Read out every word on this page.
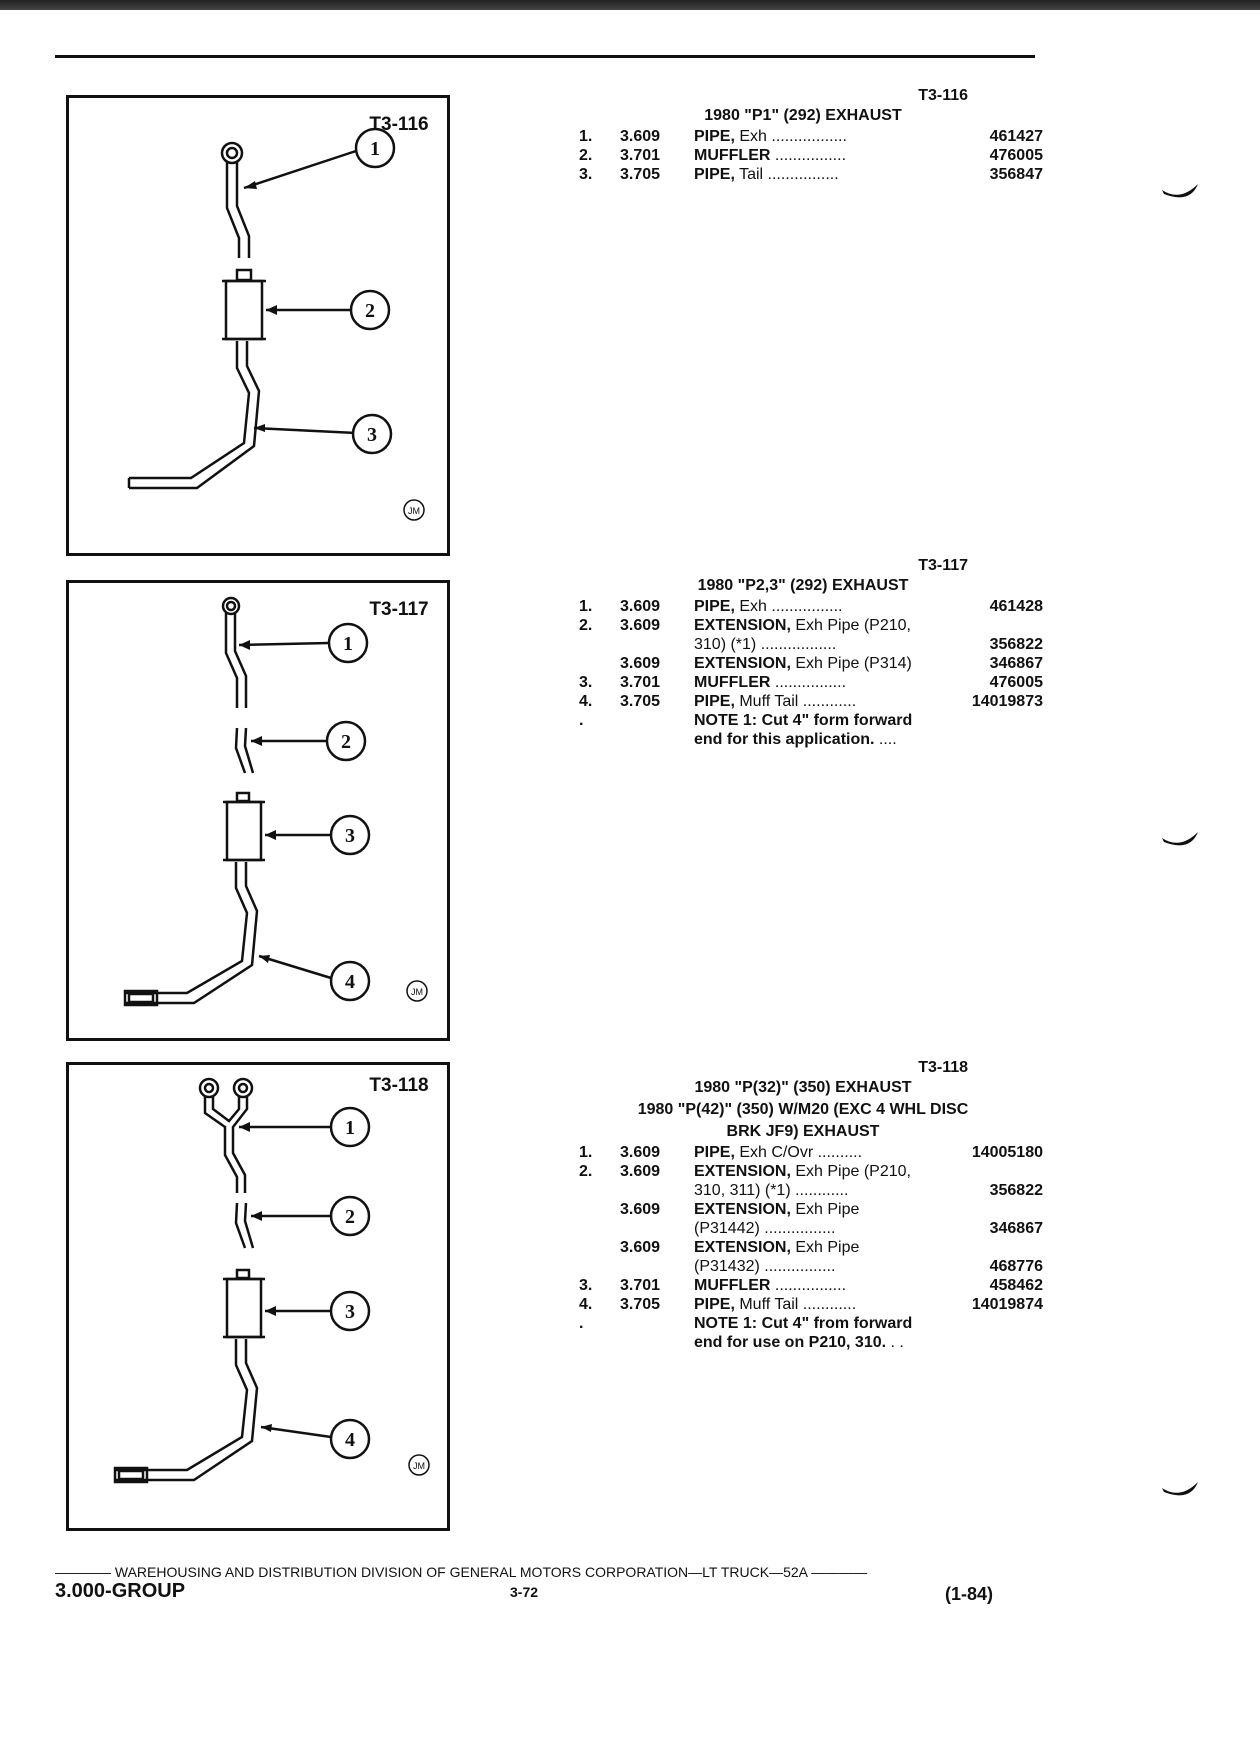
1
2
3
JM
T3-116
1
2
3
4	JM
T3-117
1
2
3
4
JM
T3-118
T3-116
1980 "P1" (292) EXHAUST
1. 3.609 PIPE, Exh .................	461427
2. 3.701 MUFFLER ................	476005
3. 3.705 PIPE, Tail ................	356847
T3-117
1980 "P2,3" (292) EXHAUST
1. 3.609 PIPE, Exh ................	461428
2. 3.609 EXTENSION, Exh Pipe (P210,
310) (*1) .................	356822
3.609 EXTENSION, Exh Pipe (P314)	346867
3. 3.701 MUFFLER ................	476005
4. 3.705 PIPE, Muff Tail ............	14019873
.	NOTE 1: Cut 4" form forward
end for this application. ....
T3-118
1980 "P(32)" (350) EXHAUST
1980 "P(42)" (350) W/M20 (EXC 4 WHL DISC
BRK JF9) EXHAUST
1. 3.609 PIPE, Exh C/Ovr ..........	14005180
2. 3.609 EXTENSION, Exh Pipe (P210,
310, 311) (*1) ............	356822
3.609 EXTENSION, Exh Pipe
(P31442) ................	346867
3.609 EXTENSION, Exh Pipe
(P31432) ................	468776
3. 3.701 MUFFLER ................	458462
4. 3.705 PIPE, Muff Tail ............	14019874
.	NOTE 1: Cut 4" from forward
end for use on P210, 310. . .
———— WAREHOUSING AND DISTRIBUTION DIVISION OF GENERAL MOTORS CORPORATION—LT TRUCK—52A ————
3.000-GROUP	3-72	(1-84)
